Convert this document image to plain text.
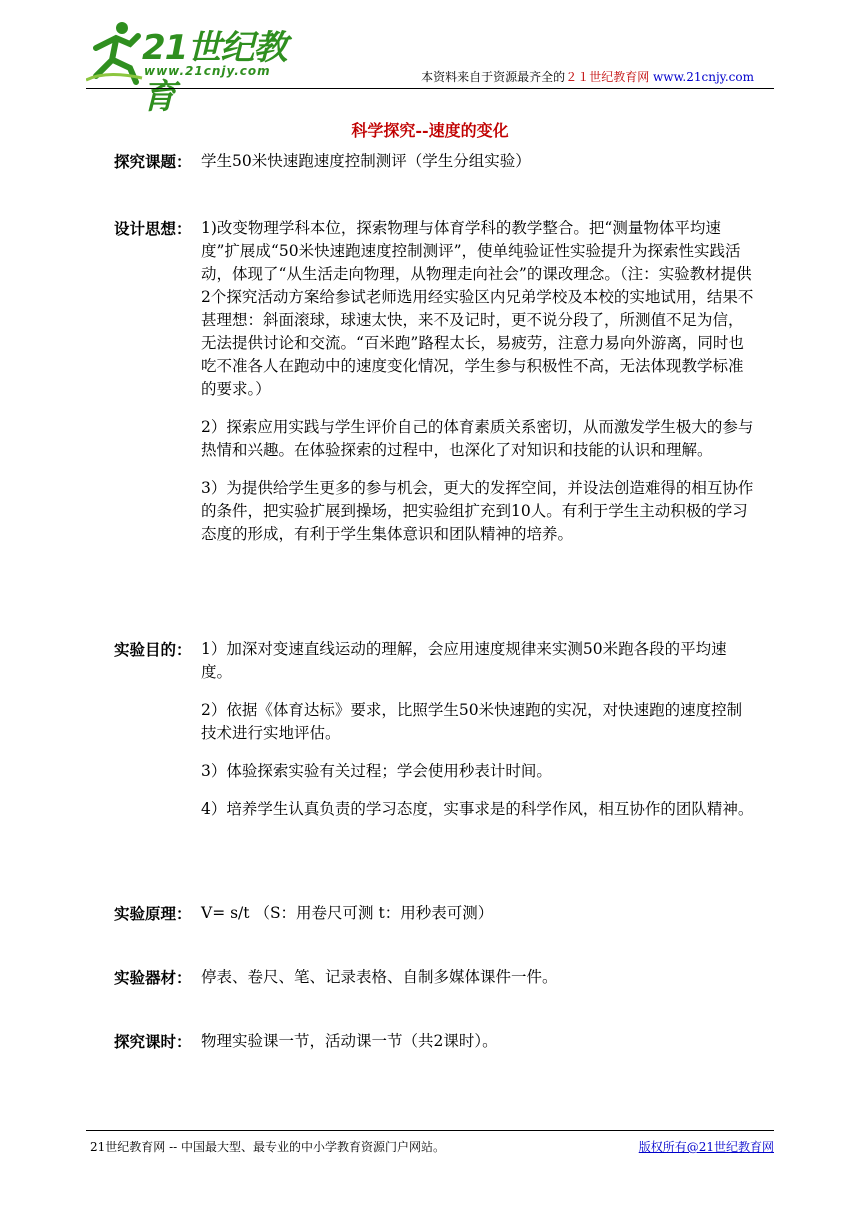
21世纪教育
www.21cnjy.com	本资料来自于资源最齐全的２１世纪教育网 www.21cnjy.com
科学探究--速度的变化
探究课题： 学生50米快速跑速度控制测评（学生分组实验）
设计思想： 1)改变物理学科本位，探索物理与体育学科的教学整合。把“测量物体平均速度”扩展成“50米快速跑速度控制测评”，使单纯验证性实验提升为探索性实践活动，体现了“从生活走向物理，从物理走向社会”的课改理念。（注：实验教材提供2个探究活动方案给参试老师选用经实验区内兄弟学校及本校的实地试用，结果不甚理想：斜面滚球，球速太快，来不及记时，更不说分段了，所测值不足为信，无法提供讨论和交流。“百米跑”路程太长，易疲劳，注意力易向外游离，同时也吃不准各人在跑动中的速度变化情况，学生参与积极性不高，无法体现教学标准的要求。）

2）探索应用实践与学生评价自己的体育素质关系密切，从而激发学生极大的参与热情和兴趣。在体验探索的过程中，也深化了对知识和技能的认识和理解。

3）为提供给学生更多的参与机会，更大的发挥空间，并设法创造难得的相互协作的条件，把实验扩展到操场，把实验组扩充到10人。有利于学生主动积极的学习态度的形成，有利于学生集体意识和团队精神的培养。

实验目的： 1）加深对变速直线运动的理解，会应用速度规律来实测50米跑各段的平均速度。

2）依据《体育达标》要求，比照学生50米快速跑的实况，对快速跑的速度控制技术进行实地评估。

3）体验探索实验有关过程；学会使用秒表计时间。

4）培养学生认真负责的学习态度，实事求是的科学作风，相互协作的团队精神。

实验原理： V= s/t （S：用卷尺可测 t：用秒表可测）
实验器材： 停表、卷尺、笔、记录表格、自制多媒体课件一件。
探究课时： 物理实验课一节，活动课一节（共2课时）。
21世纪教育网 -- 中国最大型、最专业的中小学教育资源门户网站。	版权所有@21世纪教育网
